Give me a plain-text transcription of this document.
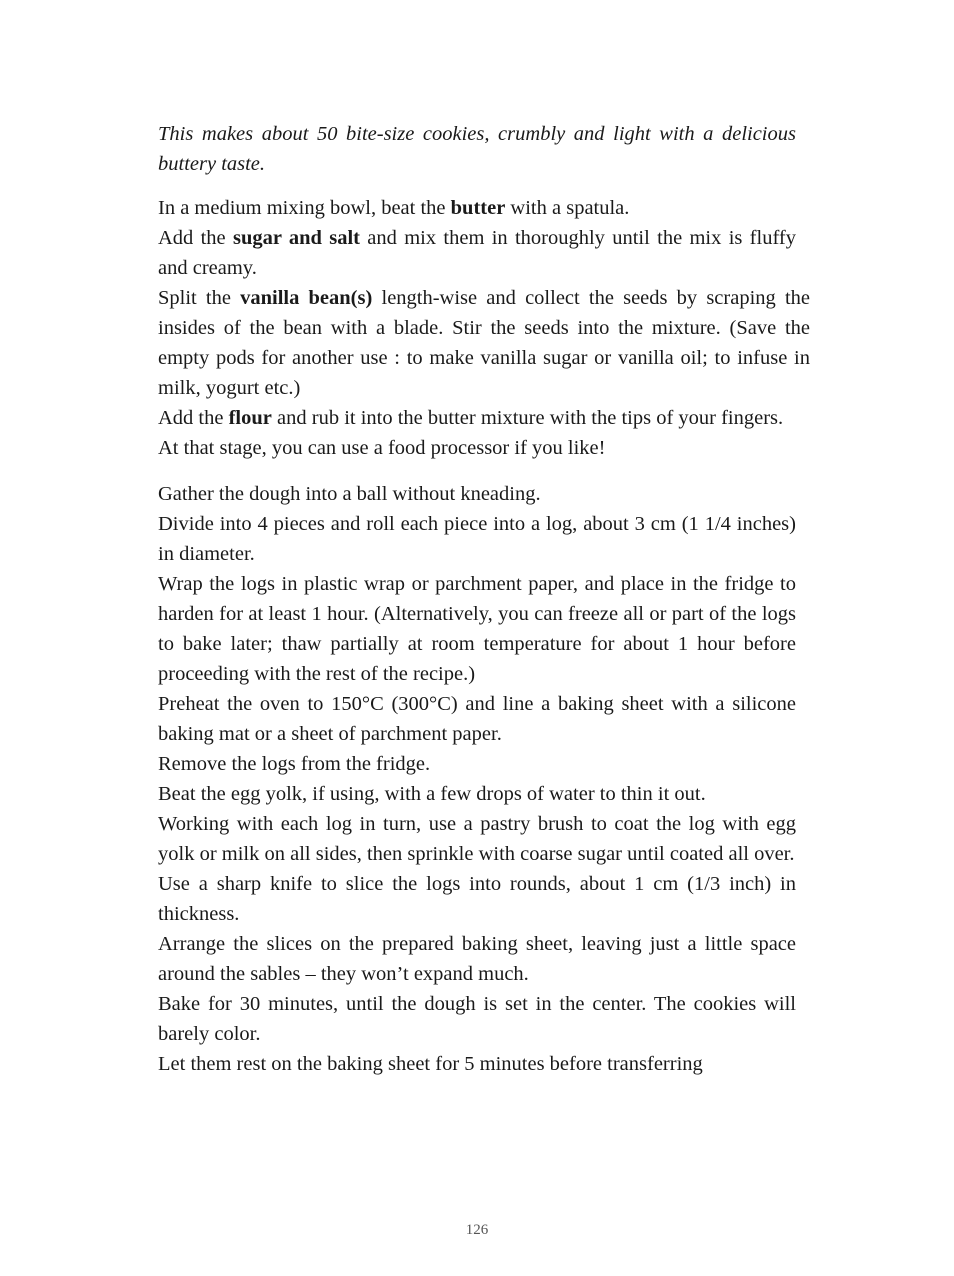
This makes about 50 bite-size cookies, crumbly and light with a delicious buttery taste.

In a medium mixing bowl, beat the butter with a spatula.

Add the sugar and salt and mix them in thoroughly until the mix is fluffy and creamy.

Split the vanilla bean(s) length-wise and collect the seeds by scraping the insides of the bean with a blade. Stir the seeds into the mixture. (Save the empty pods for another use : to make vanilla sugar or vanilla oil; to infuse in milk, yogurt etc.)

Add the flour and rub it into the butter mixture with the tips of your fingers.

At that stage, you can use a food processor if you like!

Gather the dough into a ball without kneading.

Divide into 4 pieces and roll each piece into a log, about 3 cm (1 1/4 inches) in diameter.

Wrap the logs in plastic wrap or parchment paper, and place in the fridge to harden for at least 1 hour. (Alternatively, you can freeze all or part of the logs to bake later; thaw partially at room temperature for about 1 hour before proceeding with the rest of the recipe.)

Preheat the oven to 150°C (300°C) and line a baking sheet with a silicone baking mat or a sheet of parchment paper.

Remove the logs from the fridge.

Beat the egg yolk, if using, with a few drops of water to thin it out.

Working with each log in turn, use a pastry brush to coat the log with egg yolk or milk on all sides, then sprinkle with coarse sugar until coated all over.

Use a sharp knife to slice the logs into rounds, about 1 cm (1/3 inch) in thickness.

Arrange the slices on the prepared baking sheet, leaving just a little space around the sables – they won’t expand much.

Bake for 30 minutes, until the dough is set in the center. The cookies will barely color.

Let them rest on the baking sheet for 5 minutes before transferring

126
